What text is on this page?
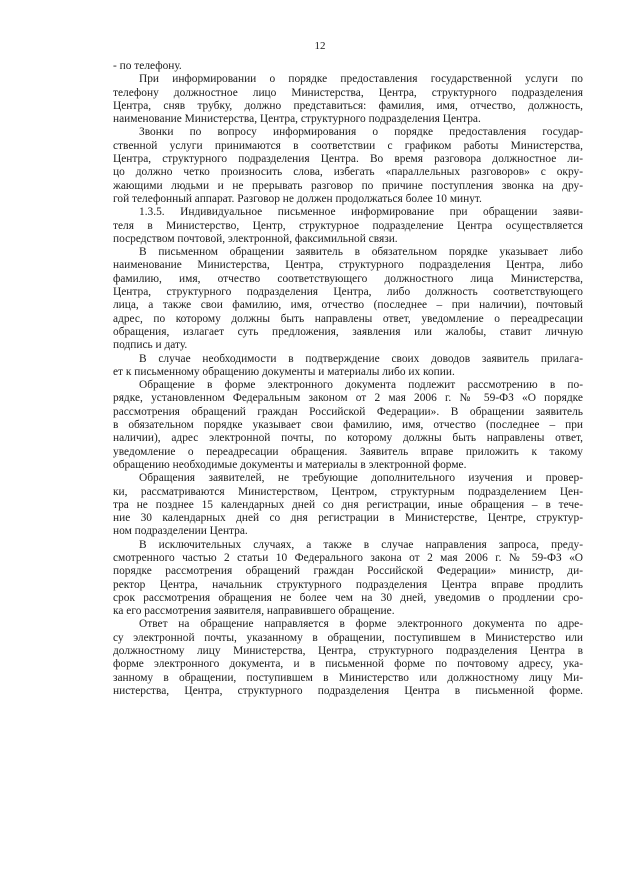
12
- по телефону.
При информировании о порядке предоставления государственной услуги по
телефону должностное лицо Министерства, Центра, структурного подразделения
Центра, сняв трубку, должно представиться: фамилия, имя, отчество, должность,
наименование Министерства, Центра, структурного подразделения Центра.
Звонки по вопросу информирования о порядке предоставления государ-
ственной услуги принимаются в соответствии с графиком работы Министерства,
Центра, структурного подразделения Центра. Во время разговора должностное ли-
цо должно четко произносить слова, избегать «параллельных разговоров» с окру-
жающими людьми и не прерывать разговор по причине поступления звонка на дру-
гой телефонный аппарат. Разговор не должен продолжаться более 10 минут.
1.3.5. Индивидуальное письменное информирование при обращении заяви-
теля в Министерство, Центр, структурное подразделение Центра осуществляется
посредством почтовой, электронной, факсимильной связи.
В письменном обращении заявитель в обязательном порядке указывает либо
наименование Министерства, Центра, структурного подразделения Центра, либо
фамилию, имя, отчество соответствующего должностного лица Министерства,
Центра, структурного подразделения Центра, либо должность соответствующего
лица, а также свои фамилию, имя, отчество (последнее – при наличии), почтовый
адрес, по которому должны быть направлены ответ, уведомление о переадресации
обращения, излагает суть предложения, заявления или жалобы, ставит личную
подпись и дату.
В случае необходимости в подтверждение своих доводов заявитель прилага-
ет к письменному обращению документы и материалы либо их копии.
Обращение в форме электронного документа подлежит рассмотрению в по-
рядке, установленном Федеральным законом от 2 мая 2006 г. № 59-ФЗ «О порядке
рассмотрения обращений граждан Российской Федерации». В обращении заявитель
в обязательном порядке указывает свои фамилию, имя, отчество (последнее – при
наличии), адрес электронной почты, по которому должны быть направлены ответ,
уведомление о переадресации обращения. Заявитель вправе приложить к такому
обращению необходимые документы и материалы в электронной форме.
Обращения заявителей, не требующие дополнительного изучения и провер-
ки, рассматриваются Министерством, Центром, структурным подразделением Цен-
тра не позднее 15 календарных дней со дня регистрации, иные обращения – в тече-
ние 30 календарных дней со дня регистрации в Министерстве, Центре, структур-
ном подразделении Центра.
В исключительных случаях, а также в случае направления запроса, преду-
смотренного частью 2 статьи 10 Федерального закона от 2 мая 2006 г. № 59-ФЗ «О
порядке рассмотрения обращений граждан Российской Федерации» министр, ди-
ректор Центра, начальник структурного подразделения Центра вправе продлить
срок рассмотрения обращения не более чем на 30 дней, уведомив о продлении сро-
ка его рассмотрения заявителя, направившего обращение.
Ответ на обращение направляется в форме электронного документа по адре-
су электронной почты, указанному в обращении, поступившем в Министерство или
должностному лицу Министерства, Центра, структурного подразделения Центра в
форме электронного документа, и в письменной форме по почтовому адресу, ука-
занному в обращении, поступившем в Министерство или должностному лицу Ми-
нистерства, Центра, структурного подразделения Центра в письменной форме.
